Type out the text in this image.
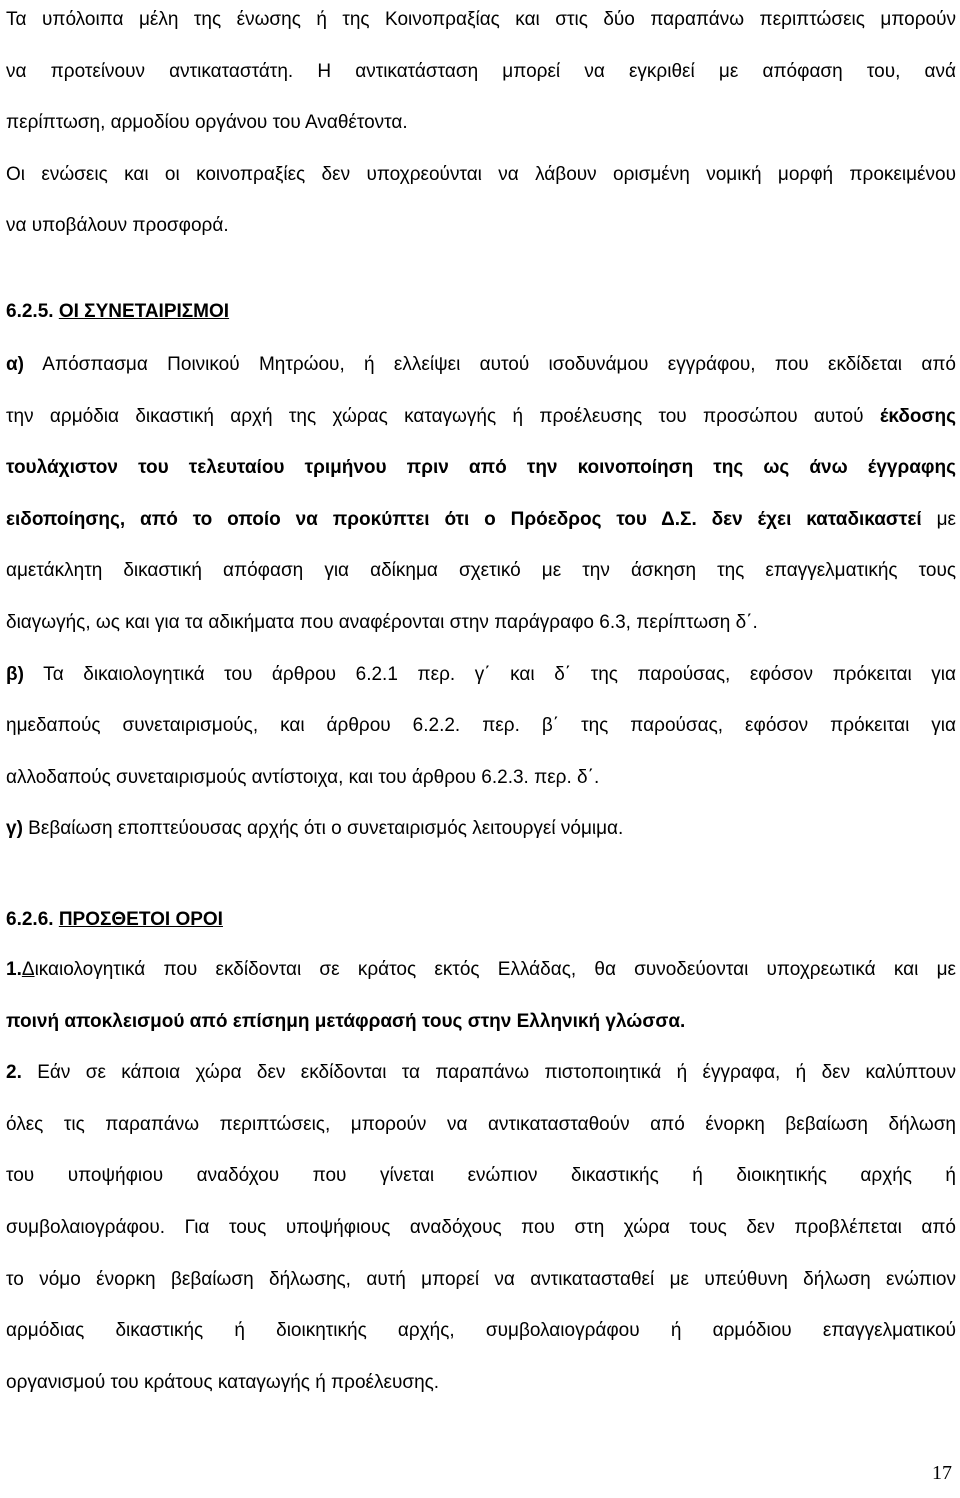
Τα υπόλοιπα μέλη της ένωσης ή της Κοινοπραξίας και στις δύο παραπάνω περιπτώσεις μπορούν

να προτείνουν αντικαταστάτη. Η αντικατάσταση μπορεί να εγκριθεί με απόφαση του, ανά

περίπτωση, αρμοδίου οργάνου του Αναθέτοντα.

Οι ενώσεις και οι κοινοπραξίες δεν υποχρεούνται να λάβουν ορισμένη νομική μορφή προκειμένου

να υποβάλουν προσφορά.

6.2.5. ΟΙ ΣΥΝΕΤΑΙΡΙΣΜΟΙ

α) Απόσπασμα Ποινικού Μητρώου, ή ελλείψει αυτού ισοδυνάμου εγγράφου, που εκδίδεται από

την αρμόδια δικαστική αρχή της χώρας καταγωγής ή προέλευσης του προσώπου αυτού έκδοσης

τουλάχιστον του τελευταίου τριμήνου πριν από την κοινοποίηση της ως άνω έγγραφης

ειδοποίησης, από το οποίο να προκύπτει ότι ο Πρόεδρος του Δ.Σ. δεν έχει καταδικαστεί με

αμετάκλητη δικαστική απόφαση για αδίκημα σχετικό με την άσκηση της επαγγελματικής τους

διαγωγής, ως και για τα αδικήματα που αναφέρονται στην παράγραφο 6.3, περίπτωση δ΄.

β) Τα δικαιολογητικά του άρθρου 6.2.1 περ. γ΄ και δ΄ της παρούσας, εφόσον πρόκειται για

ημεδαπούς συνεταιρισμούς, και άρθρου 6.2.2. περ. β΄ της παρούσας, εφόσον πρόκειται για

αλλοδαπούς συνεταιρισμούς αντίστοιχα, και του άρθρου 6.2.3. περ. δ΄.

γ) Βεβαίωση εποπτεύουσας αρχής ότι ο συνεταιρισμός λειτουργεί νόμιμα.

6.2.6. ΠΡΟΣΘΕΤΟΙ ΟΡΟΙ

1.Δικαιολογητικά που εκδίδονται σε κράτος εκτός Ελλάδας, θα συνοδεύονται υποχρεωτικά και με

ποινή αποκλεισμού από επίσημη μετάφρασή τους στην Ελληνική γλώσσα.

2. Εάν σε κάποια χώρα δεν εκδίδονται τα παραπάνω πιστοποιητικά ή έγγραφα, ή δεν καλύπτουν

όλες τις παραπάνω περιπτώσεις, μπορούν να αντικατασταθούν από ένορκη βεβαίωση δήλωση

του υποψήφιου αναδόχου που γίνεται ενώπιον δικαστικής ή διοικητικής αρχής ή

συμβολαιογράφου. Για τους υποψήφιους αναδόχους που στη χώρα τους δεν προβλέπεται από

το νόμο ένορκη βεβαίωση δήλωσης, αυτή μπορεί να αντικατασταθεί με υπεύθυνη δήλωση ενώπιον

αρμόδιας δικαστικής ή διοικητικής αρχής, συμβολαιογράφου ή αρμόδιου επαγγελματικού

οργανισμού του κράτους καταγωγής ή προέλευσης.

17
